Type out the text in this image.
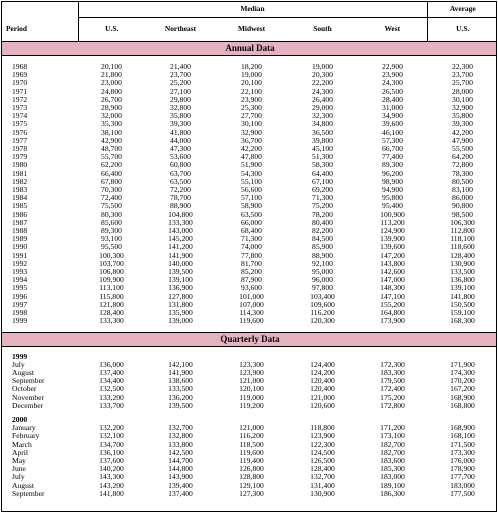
	Median					Average
Period	U.S.	Northeast	Midwest	South	West	U.S.
Annual Data						

1968	20,100	21,400	18,200	19,000	22,900	22,300
1969	21,800	23,700	19,000	20,300	23,900	23,700
1970	23,000	25,200	20,100	22,200	24,300	25,700
1971	24,800	27,100	22,100	24,300	26,500	28,000
1972	26,700	29,800	23,900	26,400	28,400	30,100
1973	28,900	32,800	25,300	29,000	31,000	32,900
1974	32,000	35,800	27,700	32,300	34,900	35,800
1975	35,300	39,300	30,100	34,800	39,600	39,300
1976	38,100	41,800	32,900	36,500	46,100	42,200
1977	42,900	44,000	36,700	39,800	57,300	47,900
1978	48,700	47,300	42,200	45,100	66,700	55,500
1979	55,700	53,600	47,800	51,300	77,400	64,200
1980	62,200	60,800	51,900	58,300	89,300	72,800
1981	66,400	63,700	54,300	64,400	96,200	78,300
1982	67,800	63,500	55,100	67,100	98,900	80,500
1983	70,300	72,200	56,600	69,200	94,900	83,100
1984	72,400	78,700	57,100	71,300	95,800	86,000
1985	75,500	88,900	58,900	75,200	95,400	90,800
1986	80,300	104,800	63,500	78,200	100,900	98,500
1987	85,600	133,300	66,000	80,400	113,200	106,300
1988	89,300	143,000	68,400	82,200	124,900	112,800
1989	93,100	145,200	71,300	84,500	139,900	118,100
1990	95,500	141,200	74,000	85,900	139,600	118,600
1991	100,300	141,900	77,800	88,900	147,200	128,400
1992	103,700	140,000	81,700	92,100	143,800	130,900
1993	106,800	139,500	85,200	95,000	142,600	133,500
1994	109,900	139,100	87,900	96,000	147,000	136,800
1995	113,100	136,900	93,600	97,800	148,300	139,100
1996	115,800	127,800	101,000	103,400	147,100	141,800
1997	121,800	131,800	107,000	109,600	155,200	150,500
1998	128,400	135,900	114,300	116,200	164,800	159,100
1999	133,300	139,000	119,600	120,300	173,900	168,300

Quarterly Data						

1999						
July	136,000	142,100	123,300	124,400	172,300	171,900
August	137,400	141,900	123,900	124,200	183,300	174,300
September	134,400	138,600	121,000	120,400	179,500	170,200
October	132,500	133,500	120,100	120,400	172,400	167,200
November	133,200	136,200	119,000	121,000	175,200	168,900
December	133,700	139,500	119,200	120,600	172,800	168,800

2000						
January	132,200	132,700	121,000	118,800	171,200	168,900
February	132,100	132,800	116,200	123,900	173,100	168,100
March	134,700	133,800	118,500	122,300	182,700	171,500
April	136,100	142,500	119,600	124,500	182,700	173,300
May	137,600	144,700	119,400	126,500	183,600	176,000
June	140,200	144,800	126,800	128,400	185,300	178,900
July	143,300	143,900	128,800	132,700	183,000	177,700
August	143,200	139,400	129,100	131,400	189,100	183,000
September	141,800	137,400	127,300	130,900	186,300	177,500
